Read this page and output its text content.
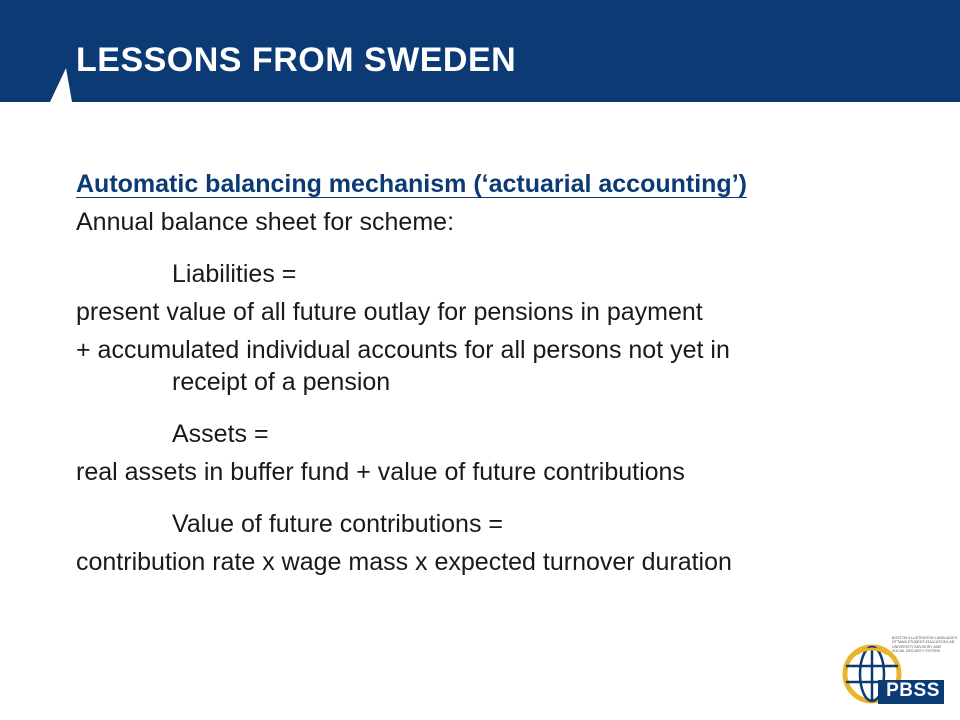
LESSONS FROM SWEDEN

Automatic balancing mechanism (‘actuarial accounting’)

Annual balance sheet for scheme:

Liabilities =

present value of all future outlay for pensions in payment

+ accumulated individual accounts for all persons not yet in

receipt of a pension

Assets =

real assets in buffer fund + value of future contributions

Value of future contributions =

contribution rate x wage mass x expected turnover duration

BOSTON ILLUSTRATION LANGUAGES
OTTAWA STUDENT EDUCATION LAB
UNIVERSITY ADVISORY AND
SOCIAL SECURITY SYSTEM
PBSS
